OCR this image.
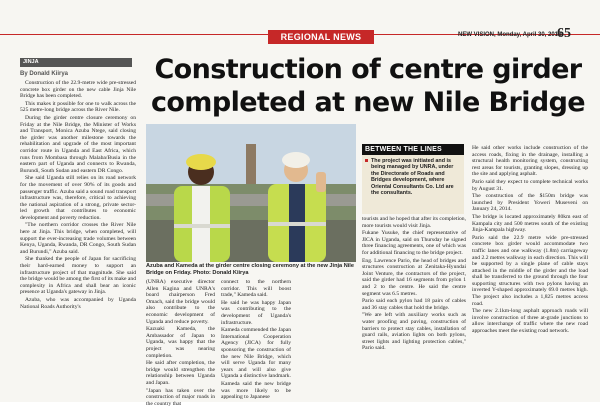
REGIONAL NEWS	NEW VISION, Monday, April 30, 2018
65
JINJA
By Donald Kiirya

Construction of the 22.9-metre wide pre-stressed concrete box girder on the new cable Jinja Nile Bridge has been completed.

This makes it possible for one to walk across the 525 metre-long bridge across the River Nile.

During the girder centre closure ceremony on Friday at the Nile Bridge, the Minister of Works and Transport, Monica Azuba Ntege, said closing the girder was another milestone towards the rehabilitation and upgrade of the most important corridor route in Uganda and East Africa, which runs from Mombasa through Malaba/Busia in the eastern part of Uganda and connects to Rwanda, Burundi, South Sudan and eastern DR Congo.

She said Uganda still relies on its road network for the movement of over 90% of its goods and passenger traffic. Azuba said a sound road transport infrastructure was, therefore, critical to achieving the national aspiration of a strong, private sector-led growth that contributes to economic development and poverty reduction.

"The northern corridor crosses the River Nile here at Jinja. This bridge, when completed, will support the ever-increasing trade volumes between Kenya, Uganda, Rwanda, DR Congo, South Sudan and Burundi," Azuba said.

She thanked the people of Japan for sacrificing their hard-earned money to support an infrastructure project of that magnitude. She said the bridge would be among the first of its make and complexity in Africa and shall bear an iconic presence at Uganda's gateway in Jinja.

Azuba, who was accompanied by Uganda National Roads Authority's

Construction of centre girder completed at new Nile Bridge
Azuba and Kameda at the girder centre closing ceremony at the new Jinja Nile Bridge on Friday. Photo: Donald Kiirya

(UNRA) executive director Allen Kagina and UNRA's board chairperson Fred Omach, said the bridge would also contribute to the economic development of Uganda and reduce poverty.

Kazuaki Kameda, the Ambassador of Japan to Uganda, was happy that the project was nearing completion.

He said after completion, the bridge would strengthen the relationship between Uganda and Japan.

"Japan has taken over the construction of major roads in the country that

connect to the northern corridor. This will boost trade," Kameda said.

He said he was happy Japan was contributing to the development of Uganda's infrastructure.

Kameda commended the Japan International Cooperation Agency (JICA) for fully sponsoring the construction of the new Nile Bridge, which will serve Uganda for many years and will also give Uganda a distinctive landmark.

Kameda said the new bridge was more likely to be appealing to Japanese

BETWEEN THE LINES
The project was initiated and is being managed by UNRA, under the Directorate of Roads and Bridges development, where Oriental Consultants Co. Ltd are the consultants.

tourists and he hoped that after its completion, more tourists would visit Jinja.

Fukane Yusuke, the chief representative of JICA in Uganda, said on Thursday he signed three financing agreements, one of which was for additional financing to the bridge project.

Eng. Lawrence Pario, the head of bridges and structures construction at Zenitaka-Hyundai Joint Venture, the contractors of the project, said the girder had 16 segments from pylon 1 and 2 to the centre. He said the centre segment was 6.5 metres.

Pario said each pylon had 18 pairs of cables and 36 stay cables that hold the bridge.

"We are left with auxiliary works such as water proofing and paving, construction of barriers to protect stay cables, installation of guard rails, aviation lights on both pylons, street lights and lighting protection cables," Pario said.

He said other works include construction of the access roads, fixing in the drainage, installing a structural health monitoring system, constructing rest areas for tourists, granting slopes, dressing up the site and applying asphalt.

Pario said they expect to complete technical works by August 31.

The construction of the $150m bridge was launched by President Yoweri Museveni on January 24, 2014.

The bridge is located approximately 80km east of Kampala city and 500 metres south of the existing Jinja-Kampala highway.

Pario said the 22.9 metre wide pre-stressed concrete box girder would accommodate two traffic lanes and one walkway (1.8m) carriageway and 2.2 metres walkway in each direction. This will be supported by a single plane of cable stays attached in the middle of the girder and the load shall be transferred to the ground through the four supporting structures with two pylons having an inverted Y-shaped approximately 69.0 metres high. The project also includes a 1,825 metres access road.

The new 2.1km-long asphalt approach roads will involve construction of three at-grade junctions to allow interchange of traffic where the new road approaches meet the existing road network.
